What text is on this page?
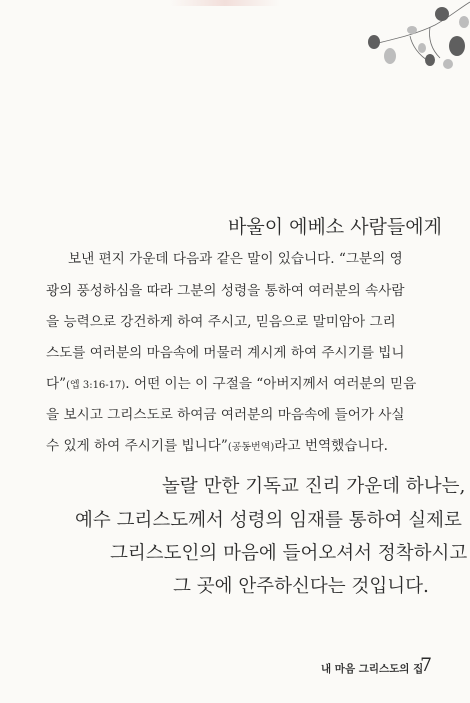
바울이 에베소 사람들에게
보낸 편지 가운데 다음과 같은 말이 있습니다. “그분의 영
광의 풍성하심을 따라 그분의 성령을 통하여 여러분의 속사람
을 능력으로 강건하게 하여 주시고, 믿음으로 말미암아 그리
스도를 여러분의 마음속에 머물러 계시게 하여 주시기를 빕니
다”(엡 3:16-17). 어떤 이는 이 구절을 “아버지께서 여러분의 믿음
을 보시고 그리스도로 하여금 여러분의 마음속에 들어가 사실
수 있게 하여 주시기를 빕니다”(공동번역)라고 번역했습니다.
놀랄 만한 기독교 진리 가운데 하나는,
예수 그리스도께서 성령의 임재를 통하여 실제로
그리스도인의 마음에 들어오셔서 정착하시고
그 곳에 안주하신다는 것입니다.
내 마음 그리스도의 집
7
